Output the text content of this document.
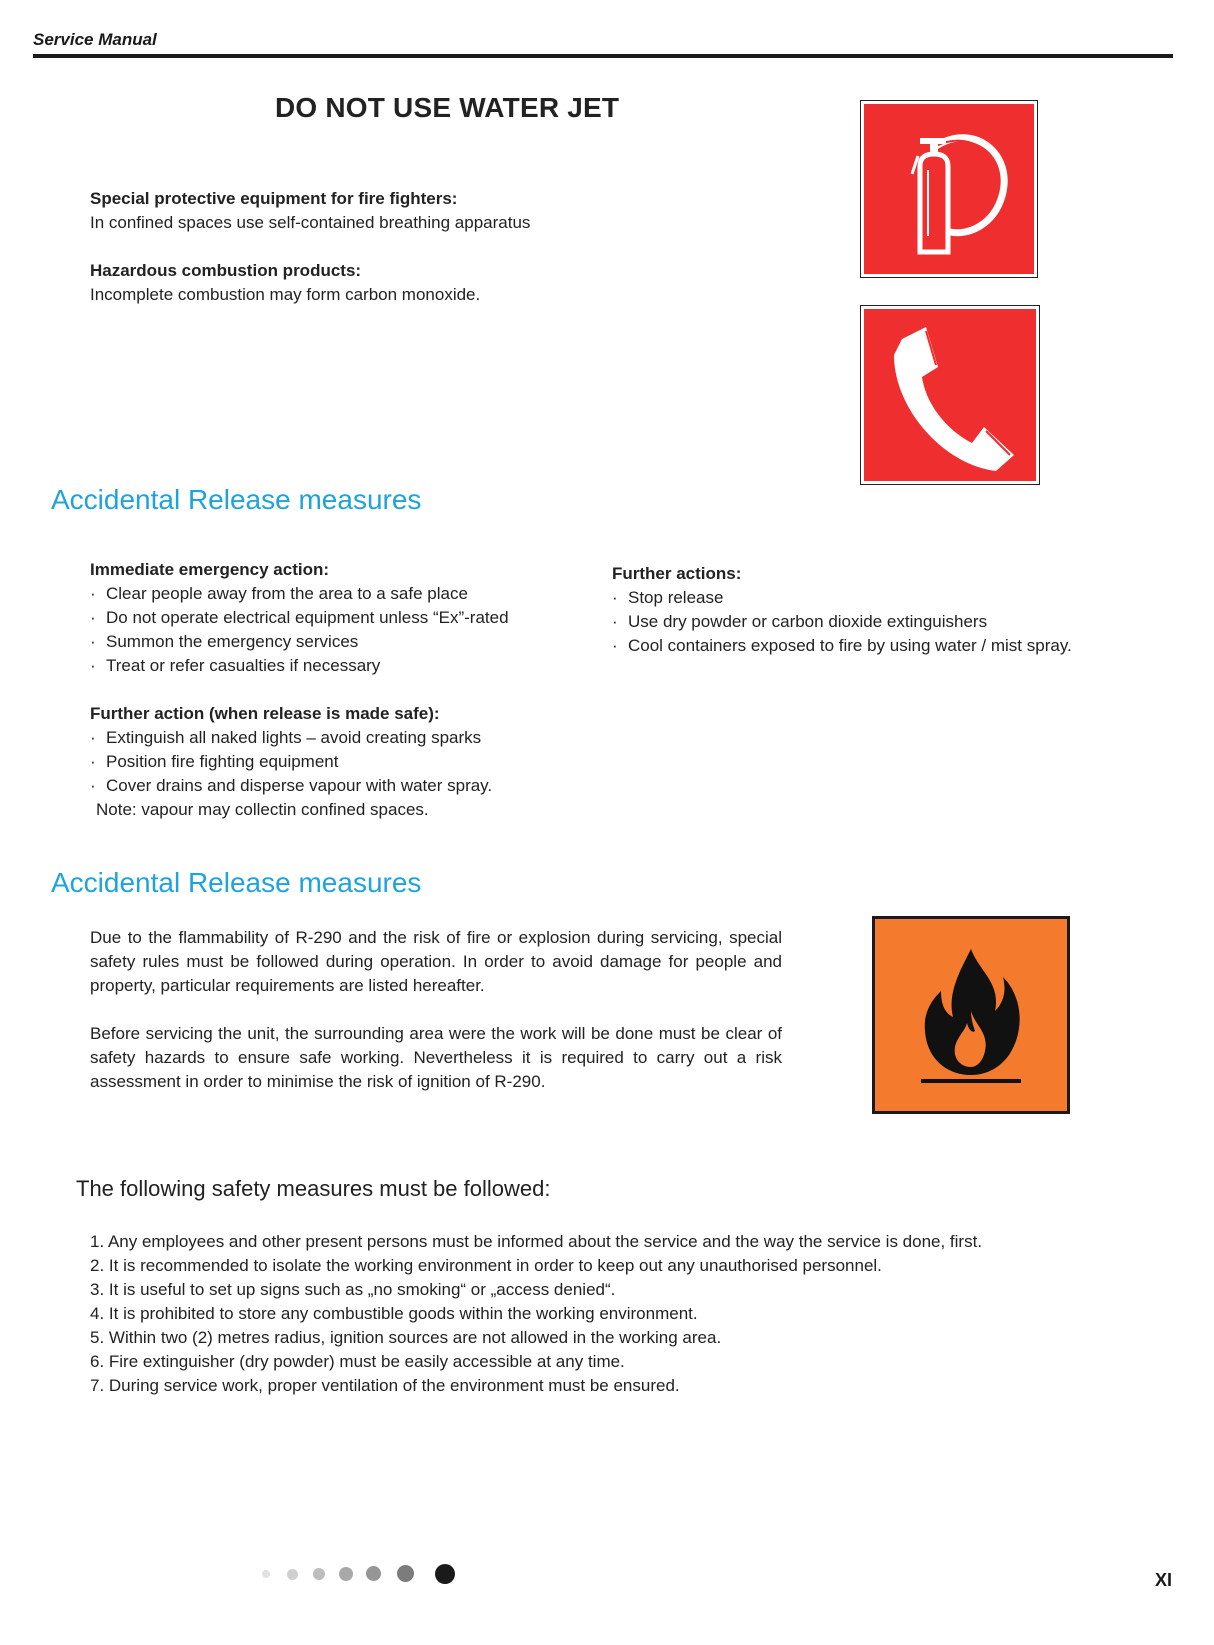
Service Manual
DO NOT USE WATER JET
Special protective equipment for fire fighters:
In confined spaces use self-contained breathing apparatus
Hazardous combustion products:
Incomplete combustion may form carbon monoxide.
Accidental Release measures
Immediate emergency action:
· Clear people away from the area to a safe place
· Do not operate electrical equipment unless “Ex”-rated
· Summon the emergency services
· Treat or refer casualties if necessary
Further action (when release is made safe):
· Extinguish all naked lights – avoid creating sparks
· Position fire fighting equipment
· Cover drains and disperse vapour with water spray.
Note: vapour may collectin confined spaces.
Further actions:
· Stop release
· Use dry powder or carbon dioxide extinguishers
· Cool containers exposed to fire by using water / mist spray.
Accidental Release measures
Due to the flammability of R-290 and the risk of fire or explosion during servicing, special safety rules must be followed during operation. In order to avoid damage for people and property, particular requirements are listed hereafter.
Before servicing the unit, the surrounding area were the work will be done must be clear of safety hazards to ensure safe working. Nevertheless it is required to carry out a risk assessment in order to minimise the risk of ignition of R-290.
The following safety measures must be followed:
1. Any employees and other present persons must be informed about the service and the way the service is done, first.
2. It is recommended to isolate the working environment in order to keep out any unauthorised personnel.
3. It is useful to set up signs such as „no smoking“ or „access denied“.
4. It is prohibited to store any combustible goods within the working environment.
5. Within two (2) metres radius, ignition sources are not allowed in the working area.
6. Fire extinguisher (dry powder) must be easily accessible at any time.
7. During service work, proper ventilation of the environment must be ensured.
XI
